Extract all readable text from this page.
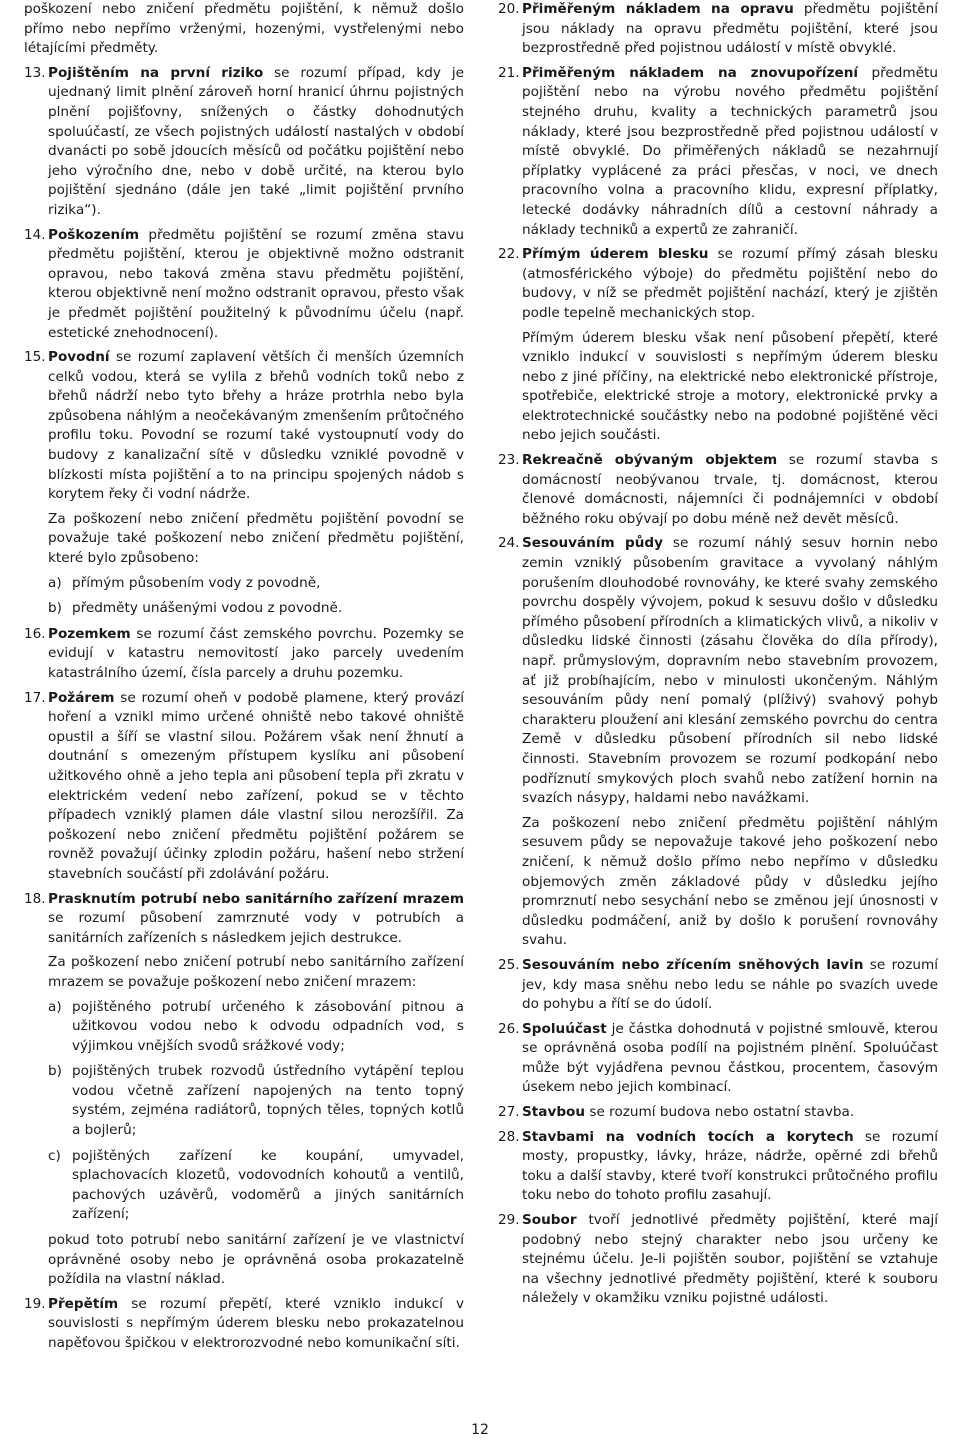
poškození nebo zničení předmětu pojištění, k němuž došlo přímo nebo nepřímo vrženými, hozenými, vystřelenými nebo létajícími předměty.

13. Pojištěním na první riziko se rozumí případ, kdy je ujednaný limit plnění zároveň horní hranicí úhrnu pojistných plnění pojišťovny, snížených o částky dohodnutých spoluúčastí, ze všech pojistných událostí nastalých v období dvanácti po sobě jdoucích měsíců od počátku pojištění nebo jeho výročního dne, nebo v době určité, na kterou bylo pojištění sjednáno (dále jen také „limit pojištění prvního rizika“).

14. Poškozením předmětu pojištění se rozumí změna stavu předmětu pojištění, kterou je objektivně možno odstranit opravou, nebo taková změna stavu předmětu pojištění, kterou objektivně není možno odstranit opravou, přesto však je předmět pojištění použitelný k původnímu účelu (např. estetické znehodnocení).

15. Povodní se rozumí zaplavení větších či menších územních celků vodou, která se vylila z břehů vodních toků nebo z břehů nádrží nebo tyto břehy a hráze protrhla nebo byla způsobena náhlým a neočekávaným zmenšením průtočného profilu toku. Povodní se rozumí také vystoupnutí vody do budovy z kanalizační sítě v důsledku vzniklé povodně v blízkosti místa pojištění a to na principu spojených nádob s korytem řeky či vodní nádrže.

Za poškození nebo zničení předmětu pojištění povodní se považuje také poškození nebo zničení předmětu pojištění, které bylo způsobeno:

a) přímým působením vody z povodně,

b) předměty unášenými vodou z povodně.

16. Pozemkem se rozumí část zemského povrchu. Pozemky se evidují v katastru nemovitostí jako parcely uvedením katastrálního území, čísla parcely a druhu pozemku.

17. Požárem se rozumí oheň v podobě plamene, který provází hoření a vznikl mimo určené ohniště nebo takové ohniště opustil a šíří se vlastní silou. Požárem však není žhnutí a doutnání s omezeným přístupem kyslíku ani působení užitkového ohně a jeho tepla ani působení tepla při zkratu v elektrickém vedení nebo zařízení, pokud se v těchto případech vzniklý plamen dále vlastní silou nerozšířil. Za poškození nebo zničení předmětu pojištění požárem se rovněž považují účinky zplodin požáru, hašení nebo stržení stavebních součástí při zdolávání požáru.

18. Prasknutím potrubí nebo sanitárního zařízení mrazem se rozumí působení zamrznuté vody v potrubích a sanitárních zařízeních s následkem jejich destrukce.

Za poškození nebo zničení potrubí nebo sanitárního zařízení mrazem se považuje poškození nebo zničení mrazem:

a) pojištěného potrubí určeného k zásobování pitnou a užitkovou vodou nebo k odvodu odpadních vod, s výjimkou vnějších svodů srážkové vody;

b) pojištěných trubek rozvodů ústředního vytápění teplou vodou včetně zařízení napojených na tento topný systém, zejména radiátorů, topných těles, topných kotlů a bojlerů;

c) pojištěných zařízení ke koupání, umyvadel, splachovacích klozetů, vodovodních kohoutů a ventilů, pachových uzávěrů, vodoměrů a jiných sanitárních zařízení;

pokud toto potrubí nebo sanitární zařízení je ve vlastnictví oprávněné osoby nebo je oprávněná osoba prokazatelně požídila na vlastní náklad.

19. Přepětím se rozumí přepětí, které vzniklo indukcí v souvislosti s nepřímým úderem blesku nebo prokazatelnou napěťovou špičkou v elektrorozvodné nebo komunikační síti.

20. Přiměřeným nákladem na opravu předmětu pojištění jsou náklady na opravu předmětu pojištění, které jsou bezprostředně před pojistnou událostí v místě obvyklé.

21. Přiměřeným nákladem na znovupořízení předmětu pojištění nebo na výrobu nového předmětu pojištění stejného druhu, kvality a technických parametrů jsou náklady, které jsou bezprostředně před pojistnou událostí v místě obvyklé. Do přiměřených nákladů se nezahrnují příplatky vyplácené za práci přesčas, v noci, ve dnech pracovního volna a pracovního klidu, expresní příplatky, letecké dodávky náhradních dílů a cestovní náhrady a náklady techniků a expertů ze zahraničí.

22. Přímým úderem blesku se rozumí přímý zásah blesku (atmosférického výboje) do předmětu pojištění nebo do budovy, v níž se předmět pojištění nachází, který je zjištěn podle tepelně mechanických stop.

Přímým úderem blesku však není působení přepětí, které vzniklo indukcí v souvislosti s nepřímým úderem blesku nebo z jiné příčiny, na elektrické nebo elektronické přístroje, spotřebiče, elektrické stroje a motory, elektronické prvky a elektrotechnické součástky nebo na podobné pojištěné věci nebo jejich součásti.

23. Rekreačně obývaným objektem se rozumí stavba s domácností neobývanou trvale, tj. domácnost, kterou členové domácnosti, nájemníci či podnájemníci v období běžného roku obývají po dobu méně než devět měsíců.

24. Sesouváním půdy se rozumí náhlý sesuv hornin nebo zemin vzniklý působením gravitace a vyvolaný náhlým porušením dlouhodobé rovnováhy, ke které svahy zemského povrchu dospěly vývojem, pokud k sesuvu došlo v důsledku přímého působení přírodních a klimatických vlivů, a nikoliv v důsledku lidské činnosti (zásahu člověka do díla přírody), např. průmyslovým, dopravním nebo stavebním provozem, ať již probíhajícím, nebo v minulosti ukončeným. Náhlým sesouváním půdy není pomalý (plíživý) svahový pohyb charakteru ploužení ani klesání zemského povrchu do centra Země v důsledku působení přírodních sil nebo lidské činnosti. Stavebním provozem se rozumí podkopání nebo podříznutí smykových ploch svahů nebo zatížení hornin na svazích násypy, haldami nebo navážkami.

Za poškození nebo zničení předmětu pojištění náhlým sesuvem půdy se nepovažuje takové jeho poškození nebo zničení, k němuž došlo přímo nebo nepřímo v důsledku objemových změn základové půdy v důsledku jejího promrznutí nebo sesychání nebo se změnou její únosnosti v důsledku podmáčení, aniž by došlo k porušení rovnováhy svahu.

25. Sesouváním nebo zřícením sněhových lavin se rozumí jev, kdy masa sněhu nebo ledu se náhle po svazích uvede do pohybu a řítí se do údolí.

26. Spoluúčast je částka dohodnutá v pojistné smlouvě, kterou se oprávněná osoba podílí na pojistném plnění. Spoluúčast může být vyjádřena pevnou částkou, procentem, časovým úsekem nebo jejich kombinací.

27. Stavbou se rozumí budova nebo ostatní stavba.

28. Stavbami na vodních tocích a korytech se rozumí mosty, propustky, lávky, hráze, nádrže, opěrné zdi břehů toku a další stavby, které tvoří konstrukci průtočného profilu toku nebo do tohoto profilu zasahují.

29. Soubor tvoří jednotlivé předměty pojištění, které mají podobný nebo stejný charakter nebo jsou určeny ke stejnému účelu. Je-li pojištěn soubor, pojištění se vztahuje na všechny jednotlivé předměty pojištění, které k souboru náležely v okamžiku vzniku pojistné události.

12
